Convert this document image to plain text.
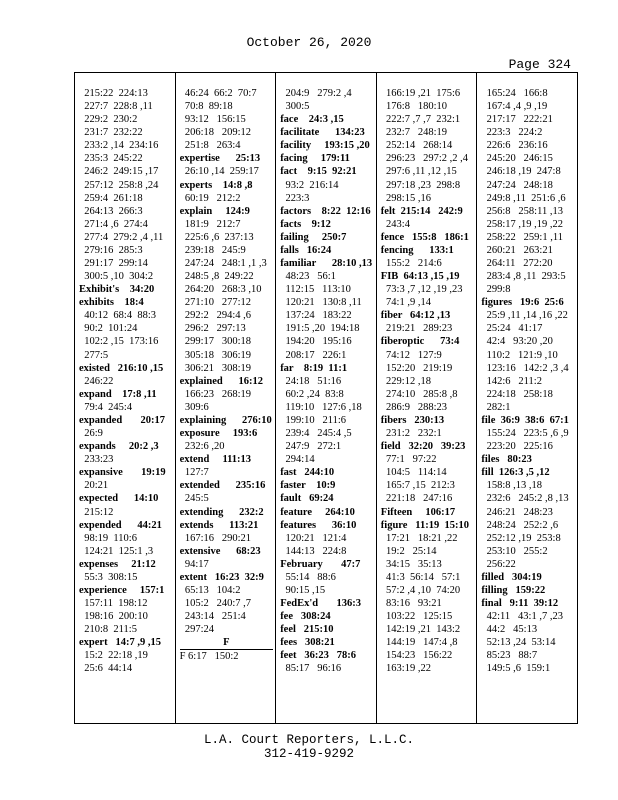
October 26, 2020
Page 324
215:22  224:13
227:7  228:8 ,11
229:2  230:2
231:7  232:22
233:2 ,14  234:16
235:3  245:22
246:2  249:15 ,17
257:12  258:8 ,24
259:4  261:18
264:13  266:3
271:4 ,6  274:4
277:4  279:2 ,4 ,11
279:16  285:3
291:17  299:14
300:5 ,10  304:2
Exhibit's    34:20
exhibits    18:4
40:12  68:4  88:3
90:2  101:24
102:2 ,15  173:16
277:5
existed   216:10 ,15
246:22
expand    17:8 ,11
79:4  245:4
expanded       20:17
26:9
expands     20:2 ,3
233:23
expansive       19:19
20:21
expected      14:10
215:12
expended      44:21
98:19  110:6
124:21  125:1 ,3
expenses     21:12
55:3  308:15
experience     157:1
157:11  198:12
198:16  200:10
210:8  211:5
expert   14:7 ,9 ,15
15:2  22:18 ,19
25:6  44:14
46:24  66:2  70:7
70:8  89:18
93:12   156:15
206:18   209:12
251:8   263:4
expertise      25:13
26:10 ,14  259:17
experts    14:8 ,8
60:19   212:2
explain     124:9
181:9   212:7
225:6 ,6  237:13
239:18   245:9
247:24   248:1 ,1 ,3
248:5 ,8  249:22
264:20   268:3 ,10
271:10   277:12
292:2   294:4 ,6
296:2   297:13
299:17   300:18
305:18   306:19
306:21   308:19
explained      16:12
166:23   268:19
309:6
explaining      276:10
exposure     193:6
232:6 ,20
extend     111:13
127:7
extended      235:16
245:5
extending      232:2
extends      113:21
167:16   290:21
extensive      68:23
94:17
extent   16:23  32:9
65:13   104:2
105:2   240:7 ,7
243:14   251:4
297:24
F
F 6:17   150:2
204:9   279:2 ,4
300:5
face    24:3 ,15
facilitate      134:23
facility     193:15 ,20
facing     179:11
fact    9:15  92:21
93:2  216:14
223:3
factors    8:22  12:16
facts    9:12
failing     250:7
falls   16:24
familiar      28:10 ,13
48:23   56:1
112:15   113:10
120:21   130:8 ,11
137:24   183:22
191:5 ,20  194:18
194:20   195:16
208:17   226:1
far    8:19  11:1
24:18   51:16
60:2 ,24  83:8
119:10   127:6 ,18
199:10   211:6
239:4   245:4 ,5
247:9   272:1
294:14
fast   244:10
faster    10:9
fault   69:24
feature     264:10
features      36:10
120:21   121:4
144:13   224:8
February       47:7
55:14   88:6
90:15 ,15
FedEx'd       136:3
fee   308:24
feel   215:10
fees   308:21
feet   36:23   78:6
85:17   96:16
166:19 ,21  175:6
176:8   180:10
222:7 ,7 ,7  232:1
232:7   248:19
252:14   268:14
296:23   297:2 ,2 ,4
297:6 ,11 ,12 ,15
297:18 ,23  298:8
298:15 ,16
felt  215:14   242:9
243:4
fence   155:8   186:1
fencing      133:1
155:2   214:6
FIB  64:13 ,15 ,19
73:3 ,7 ,12 ,19 ,23
74:1 ,9 ,14
fiber   64:12 ,13
219:21   289:23
fiberoptic      73:4
74:12   127:9
152:20   219:19
229:12 ,18
274:10   285:8 ,8
286:9   288:23
fibers   230:13
231:2   232:1
field   32:20   39:23
77:1   97:22
104:5   114:14
165:7 ,15  212:3
221:18   247:16
Fifteen     106:17
figure   11:19  15:10
17:21   18:21 ,22
19:2   25:14
34:15   35:13
41:3  56:14   57:1
57:2 ,4 ,10  74:20
83:16   93:21
103:22   125:15
142:19 ,21  143:2
144:19   147:4 ,8
154:23   156:22
163:19 ,22
165:24   166:8
167:4 ,4 ,9 ,19
217:17   222:21
223:3   224:2
226:6   236:16
245:20   246:15
246:18 ,19  247:8
247:24   248:18
249:8 ,11  251:6 ,6
256:8   258:11 ,13
258:17 ,19 ,19 ,22
258:22   259:1 ,11
260:21   263:21
264:11   272:20
283:4 ,8 ,11  293:5
299:8
figures   19:6  25:6
25:9 ,11 ,14 ,16 ,22
25:24   41:17
42:4   93:20 ,20
110:2   121:9 ,10
123:16   142:2 ,3 ,4
142:6   211:2
224:18   258:18
282:1
file  36:9  38:6  67:1
155:24   223:5 ,6 ,9
223:20   225:16
files   80:23
fill  126:3 ,5 ,12
158:8 ,13 ,18
232:6   245:2 ,8 ,13
246:21   248:23
248:24   252:2 ,6
252:12 ,19  253:8
253:10   255:2
256:22
filled   304:19
filling   159:22
final   9:11  39:12
42:11   43:1 ,7 ,23
44:2   45:13
52:13 ,24  53:14
85:23   88:7
149:5 ,6  159:1
L.A. Court Reporters, L.L.C.
312-419-9292
